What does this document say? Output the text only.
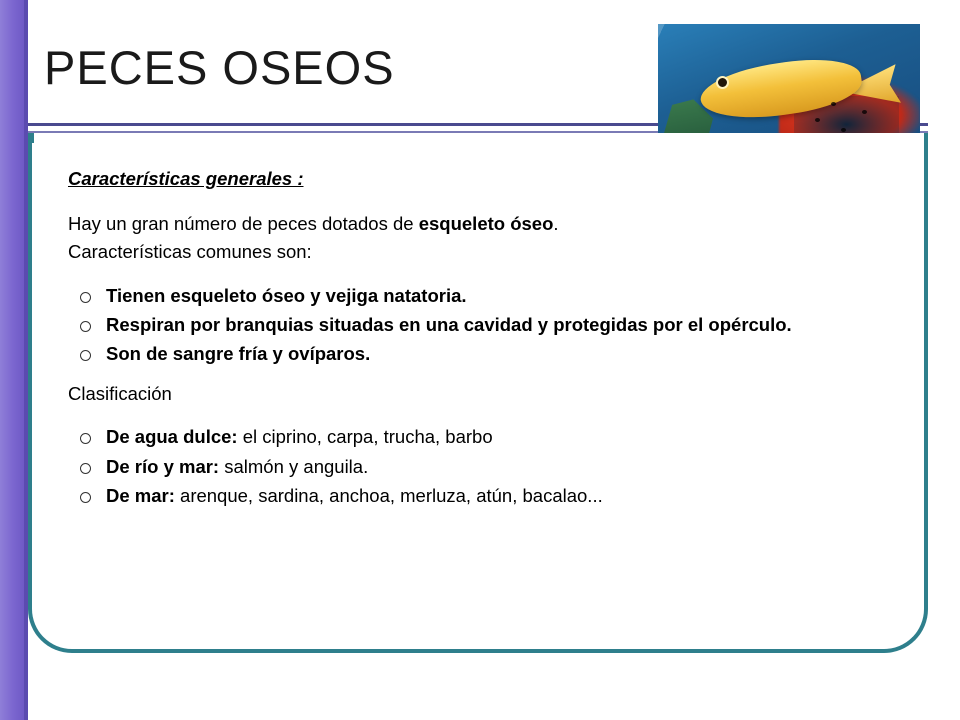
PECES OSEOS
Características generales :
Hay un gran número de peces dotados de esqueleto óseo.
Características comunes son:
Tienen esqueleto óseo y vejiga natatoria.
Respiran por branquias situadas en una cavidad y protegidas por el opérculo.
Son de sangre fría y ovíparos.
Clasificación
De agua dulce: el ciprino, carpa, trucha, barbo
De río y mar: salmón y anguila.
De mar: arenque, sardina, anchoa, merluza, atún, bacalao...
